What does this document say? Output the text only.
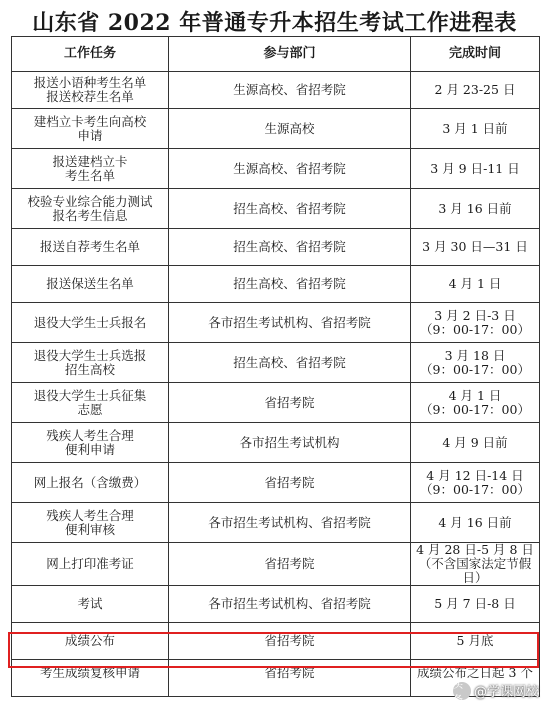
山东省 2022 年普通专升本招生考试工作进程表
工作任务	参与部门	完成时间

报送小语种考生名单
报送校荐生名单	生源高校、省招考院	2 月 23-25 日

建档立卡考生向高校
申请	生源高校	3 月 1 日前

报送建档立卡
考生名单	生源高校、省招考院	3 月 9 日-11 日

校验专业综合能力测试
报名考生信息	招生高校、省招考院	3 月 16 日前

报送自荐考生名单	招生高校、省招考院	3 月 30 日—31 日

报送保送生名单	招生高校、省招考院	4 月 1 日

退役大学生士兵报名	各市招生考试机构、省招考院	3 月 2 日-3 日
（9：00-17：00）

退役大学生士兵选报
招生高校	招生高校、省招考院	3 月 18 日
（9：00-17：00）

退役大学生士兵征集
志愿	省招考院	4 月 1 日
（9：00-17：00）

残疾人考生合理
便利申请	各市招生考试机构	4 月 9 日前

网上报名（含缴费）	省招考院	4 月 12 日-14 日
（9：00-17：00）

残疾人考生合理
便利审核	各市招生考试机构、省招考院	4 月 16 日前

网上打印准考证	省招考院	4 月 28 日-5 月 8 日
（不含国家法定节假
日）

考试	各市招生考试机构、省招考院	5 月 7 日-8 日

成绩公布	省招考院	5 月底

考生成绩复核申请	省招考院	成绩公布之日起 3 个
头条 @学课网校
